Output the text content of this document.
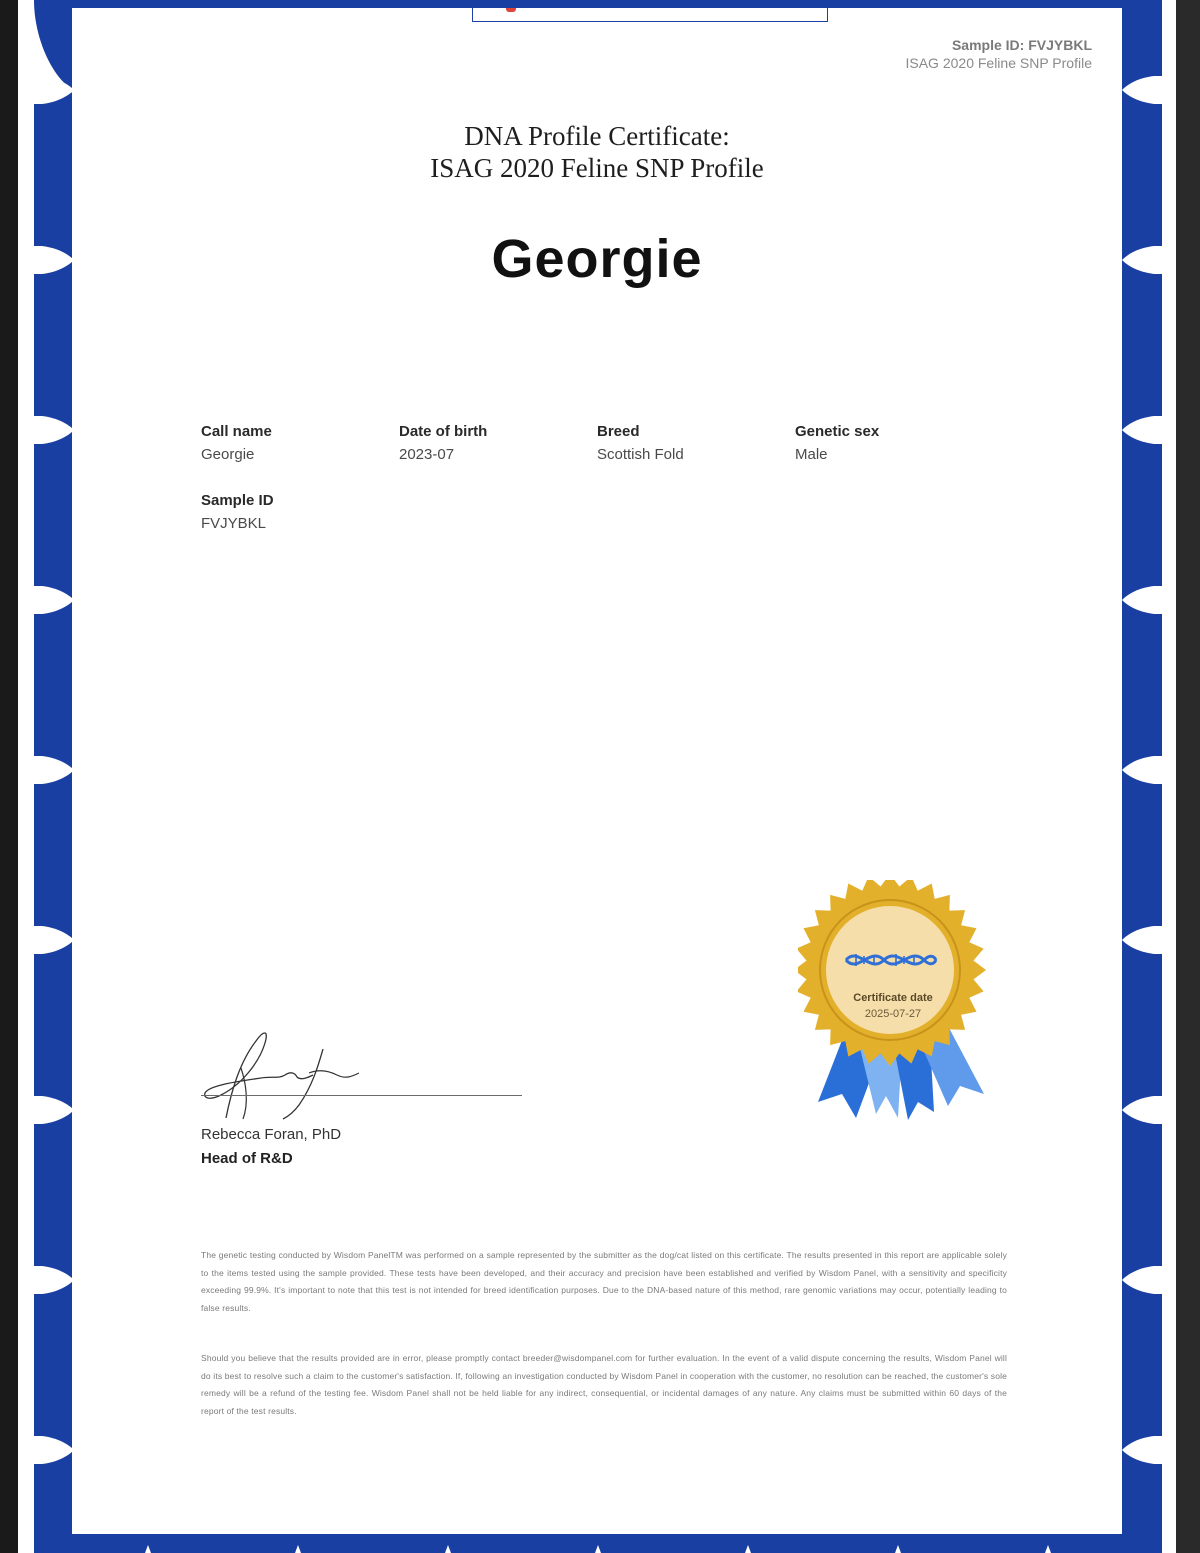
Sample ID: FVJYBKL
ISAG 2020 Feline SNP Profile
DNA Profile Certificate:
ISAG 2020 Feline SNP Profile
Georgie
Call name
Georgie
Date of birth
2023-07
Breed
Scottish Fold
Genetic sex
Male
Sample ID
FVJYBKL
Rebecca Foran, PhD
Head of R&D
Certificate date
2025-07-27
The genetic testing conducted by Wisdom PanelTM was performed on a sample represented by the submitter as the dog/cat listed on this certificate. The results presented in this report are applicable solely to the items tested using the sample provided. These tests have been developed, and their accuracy and precision have been established and verified by Wisdom Panel, with a sensitivity and specificity exceeding 99.9%. It's important to note that this test is not intended for breed identification purposes. Due to the DNA-based nature of this method, rare genomic variations may occur, potentially leading to false results.
Should you believe that the results provided are in error, please promptly contact breeder@wisdompanel.com for further evaluation. In the event of a valid dispute concerning the results, Wisdom Panel will do its best to resolve such a claim to the customer's satisfaction. If, following an investigation conducted by Wisdom Panel in cooperation with the customer, no resolution can be reached, the customer's sole remedy will be a refund of the testing fee. Wisdom Panel shall not be held liable for any indirect, consequential, or incidental damages of any nature. Any claims must be submitted within 60 days of the report of the test results.
